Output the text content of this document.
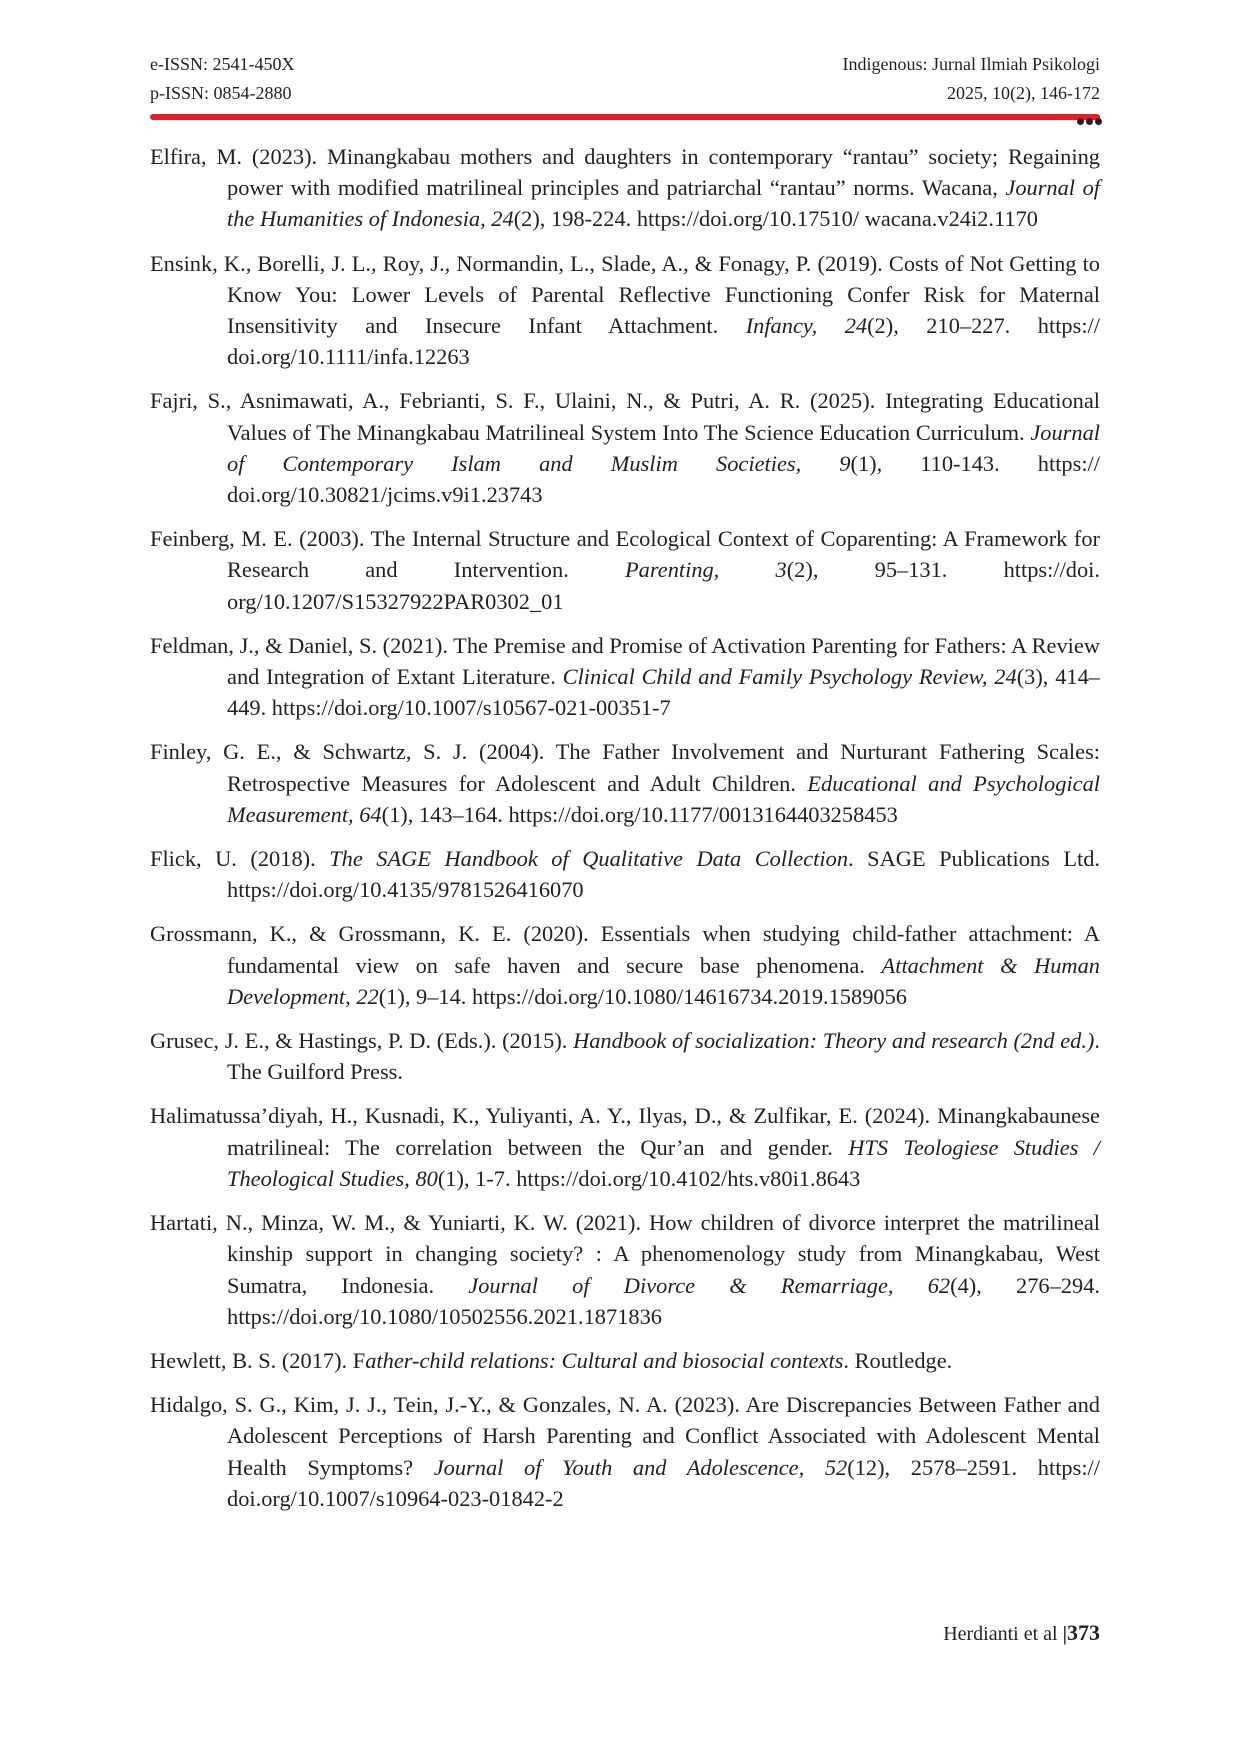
e-ISSN: 2541-450X
p-ISSN: 0854-2880
Indigenous: Jurnal Ilmiah Psikologi
2025, 10(2), 146-172

Elfira, M. (2023). Minangkabau mothers and daughters in contemporary “rantau” society; Regaining power with modified matrilineal principles and patriarchal “rantau” norms. Wacana, Journal of the Humanities of Indonesia, 24(2), 198-224. https://doi.org/10.17510/ wacana.v24i2.1170

Ensink, K., Borelli, J. L., Roy, J., Normandin, L., Slade, A., & Fonagy, P. (2019). Costs of Not Getting to Know You: Lower Levels of Parental Reflective Functioning Confer Risk for Maternal Insensitivity and Insecure Infant Attachment. Infancy, 24(2), 210–227. https:// doi.org/10.1111/infa.12263

Fajri, S., Asnimawati, A., Febrianti, S. F., Ulaini, N., & Putri, A. R. (2025). Integrating Educational Values of The Minangkabau Matrilineal System Into The Science Education Curriculum. Journal of Contemporary Islam and Muslim Societies, 9(1), 110-143. https:// doi.org/10.30821/jcims.v9i1.23743

Feinberg, M. E. (2003). The Internal Structure and Ecological Context of Coparenting: A Framework for Research and Intervention. Parenting, 3(2), 95–131. https://doi. org/10.1207/S15327922PAR0302_01

Feldman, J., & Daniel, S. (2021). The Premise and Promise of Activation Parenting for Fathers: A Review and Integration of Extant Literature. Clinical Child and Family Psychology Review, 24(3), 414–449. https://doi.org/10.1007/s10567-021-00351-7

Finley, G. E., & Schwartz, S. J. (2004). The Father Involvement and Nurturant Fathering Scales: Retrospective Measures for Adolescent and Adult Children. Educational and Psychological Measurement, 64(1), 143–164. https://doi.org/10.1177/0013164403258453

Flick, U. (2018). The SAGE Handbook of Qualitative Data Collection. SAGE Publications Ltd. https://doi.org/10.4135/9781526416070

Grossmann, K., & Grossmann, K. E. (2020). Essentials when studying child-father attachment: A fundamental view on safe haven and secure base phenomena. Attachment & Human Development, 22(1), 9–14. https://doi.org/10.1080/14616734.2019.1589056

Grusec, J. E., & Hastings, P. D. (Eds.). (2015). Handbook of socialization: Theory and research (2nd ed.). The Guilford Press.

Halimatussa’diyah, H., Kusnadi, K., Yuliyanti, A. Y., Ilyas, D., & Zulfikar, E. (2024). Minangkabaunese matrilineal: The correlation between the Qur’an and gender. HTS Teologiese Studies / Theological Studies, 80(1), 1-7. https://doi.org/10.4102/hts.v80i1.8643

Hartati, N., Minza, W. M., & Yuniarti, K. W. (2021). How children of divorce interpret the matrilineal kinship support in changing society? : A phenomenology study from Minangkabau, West Sumatra, Indonesia. Journal of Divorce & Remarriage, 62(4), 276–294. https://doi.org/10.1080/10502556.2021.1871836

Hewlett, B. S. (2017). Father-child relations: Cultural and biosocial contexts. Routledge.

Hidalgo, S. G., Kim, J. J., Tein, J.-Y., & Gonzales, N. A. (2023). Are Discrepancies Between Father and Adolescent Perceptions of Harsh Parenting and Conflict Associated with Adolescent Mental Health Symptoms? Journal of Youth and Adolescence, 52(12), 2578–2591. https:// doi.org/10.1007/s10964-023-01842-2

Herdianti et al |373
